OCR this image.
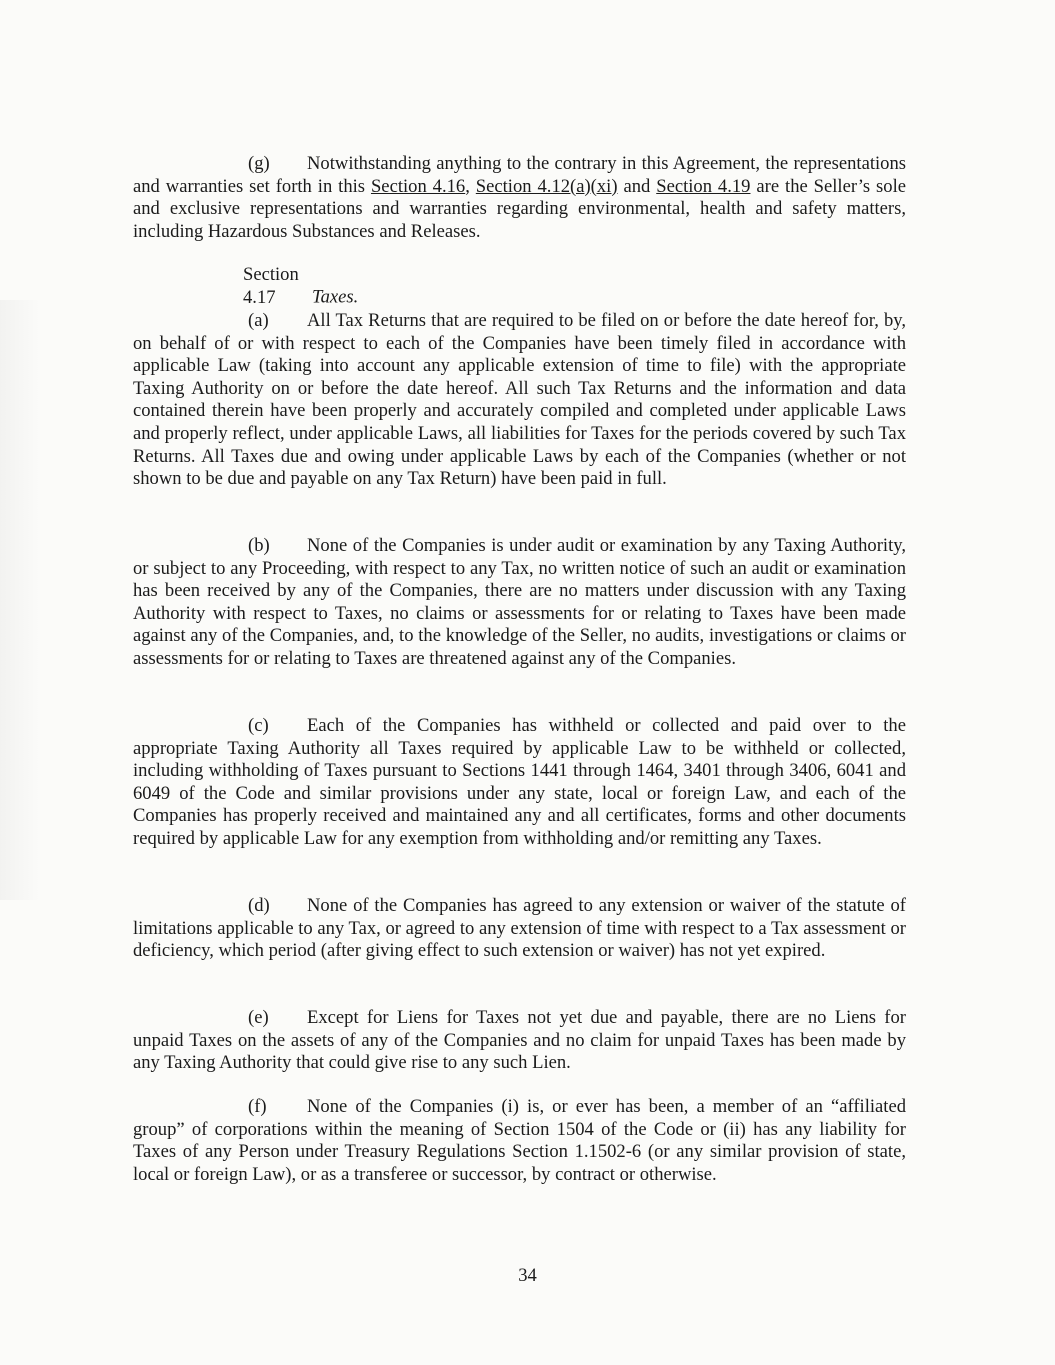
(g) Notwithstanding anything to the contrary in this Agreement, the representations and warranties set forth in this Section 4.16, Section 4.12(a)(xi) and Section 4.19 are the Seller’s sole and exclusive representations and warranties regarding environmental, health and safety matters, including Hazardous Substances and Releases.

Section 4.17 Taxes.

(a) All Tax Returns that are required to be filed on or before the date hereof for, by, on behalf of or with respect to each of the Companies have been timely filed in accordance with applicable Law (taking into account any applicable extension of time to file) with the appropriate Taxing Authority on or before the date hereof. All such Tax Returns and the information and data contained therein have been properly and accurately compiled and completed under applicable Laws and properly reflect, under applicable Laws, all liabilities for Taxes for the periods covered by such Tax Returns. All Taxes due and owing under applicable Laws by each of the Companies (whether or not shown to be due and payable on any Tax Return) have been paid in full.

(b) None of the Companies is under audit or examination by any Taxing Authority, or subject to any Proceeding, with respect to any Tax, no written notice of such an audit or examination has been received by any of the Companies, there are no matters under discussion with any Taxing Authority with respect to Taxes, no claims or assessments for or relating to Taxes have been made against any of the Companies, and, to the knowledge of the Seller, no audits, investigations or claims or assessments for or relating to Taxes are threatened against any of the Companies.

(c) Each of the Companies has withheld or collected and paid over to the appropriate Taxing Authority all Taxes required by applicable Law to be withheld or collected, including withholding of Taxes pursuant to Sections 1441 through 1464, 3401 through 3406, 6041 and 6049 of the Code and similar provisions under any state, local or foreign Law, and each of the Companies has properly received and maintained any and all certificates, forms and other documents required by applicable Law for any exemption from withholding and/or remitting any Taxes.

(d) None of the Companies has agreed to any extension or waiver of the statute of limitations applicable to any Tax, or agreed to any extension of time with respect to a Tax assessment or deficiency, which period (after giving effect to such extension or waiver) has not yet expired.

(e) Except for Liens for Taxes not yet due and payable, there are no Liens for unpaid Taxes on the assets of any of the Companies and no claim for unpaid Taxes has been made by any Taxing Authority that could give rise to any such Lien.

(f) None of the Companies (i) is, or ever has been, a member of an “affiliated group” of corporations within the meaning of Section 1504 of the Code or (ii) has any liability for Taxes of any Person under Treasury Regulations Section 1.1502-6 (or any similar provision of state, local or foreign Law), or as a transferee or successor, by contract or otherwise.

34
